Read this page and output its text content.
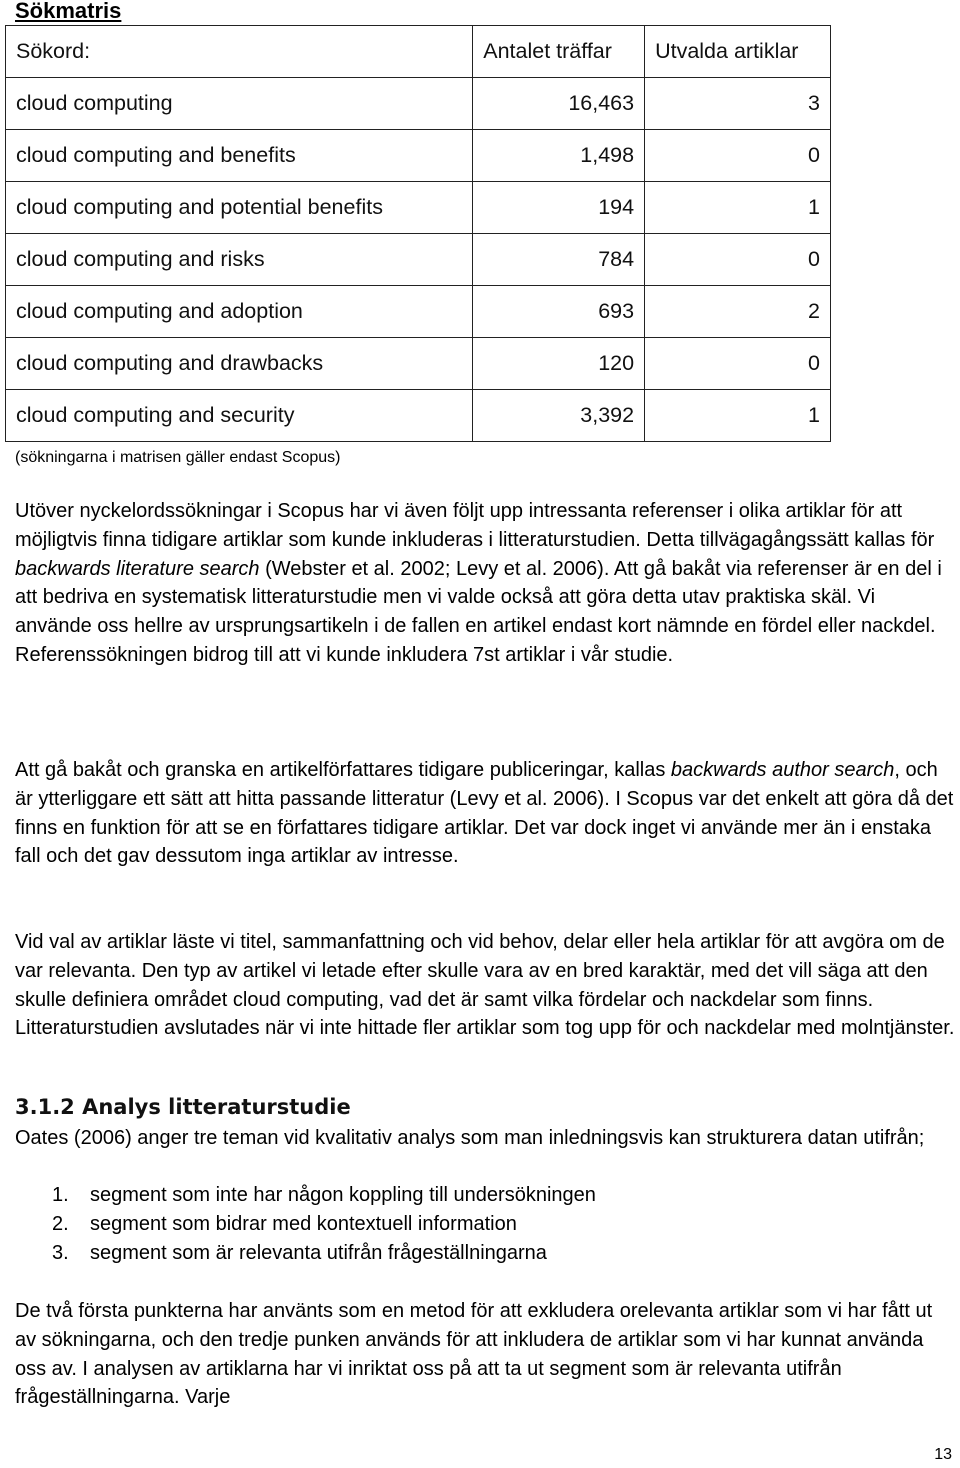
Sökmatris
Sökord:	Antalet träffar	Utvalda artiklar
cloud computing	16,463	3
cloud computing and benefits	1,498	0
cloud computing and potential benefits	194	1
cloud computing and risks	784	0
cloud computing and adoption	693	2
cloud computing and drawbacks	120	0
cloud computing and security	3,392	1
(sökningarna i matrisen gäller endast Scopus)

Utöver nyckelordssökningar i Scopus har vi även följt upp intressanta referenser i olika artiklar för att möjligtvis finna tidigare artiklar som kunde inkluderas i litteraturstudien. Detta tillvägagångssätt kallas för backwards literature search (Webster et al. 2002; Levy et al. 2006). Att gå bakåt via referenser är en del i att bedriva en systematisk litteraturstudie men vi valde också att göra detta utav praktiska skäl. Vi använde oss hellre av ursprungsartikeln i de fallen en artikel endast kort nämnde en fördel eller nackdel. Referenssökningen bidrog till att vi kunde inkludera 7st artiklar i vår studie.

Att gå bakåt och granska en artikelförfattares tidigare publiceringar, kallas backwards author search, och är ytterliggare ett sätt att hitta passande litteratur (Levy et al. 2006). I Scopus var det enkelt att göra då det finns en funktion för att se en författares tidigare artiklar. Det var dock inget vi använde mer än i enstaka fall och det gav dessutom inga artiklar av intresse.

Vid val av artiklar läste vi titel, sammanfattning och vid behov, delar eller hela artiklar för att avgöra om de var relevanta. Den typ av artikel vi letade efter skulle vara av en bred karaktär, med det vill säga att den skulle definiera området cloud computing, vad det är samt vilka fördelar och nackdelar som finns. Litteraturstudien avslutades när vi inte hittade fler artiklar som tog upp för och nackdelar med molntjänster.

3.1.2 Analys litteraturstudie

Oates (2006) anger tre teman vid kvalitativ analys som man inledningsvis kan strukturera datan utifrån;

1. segment som inte har någon koppling till undersökningen
2. segment som bidrar med kontextuell information
3. segment som är relevanta utifrån frågeställningarna

De två första punkterna har använts som en metod för att exkludera orelevanta artiklar som vi har fått ut av sökningarna, och den tredje punken används för att inkludera de artiklar som vi har kunnat använda oss av. I analysen av artiklarna har vi inriktat oss på att ta ut segment som är relevanta utifrån frågeställningarna. Varje

13
